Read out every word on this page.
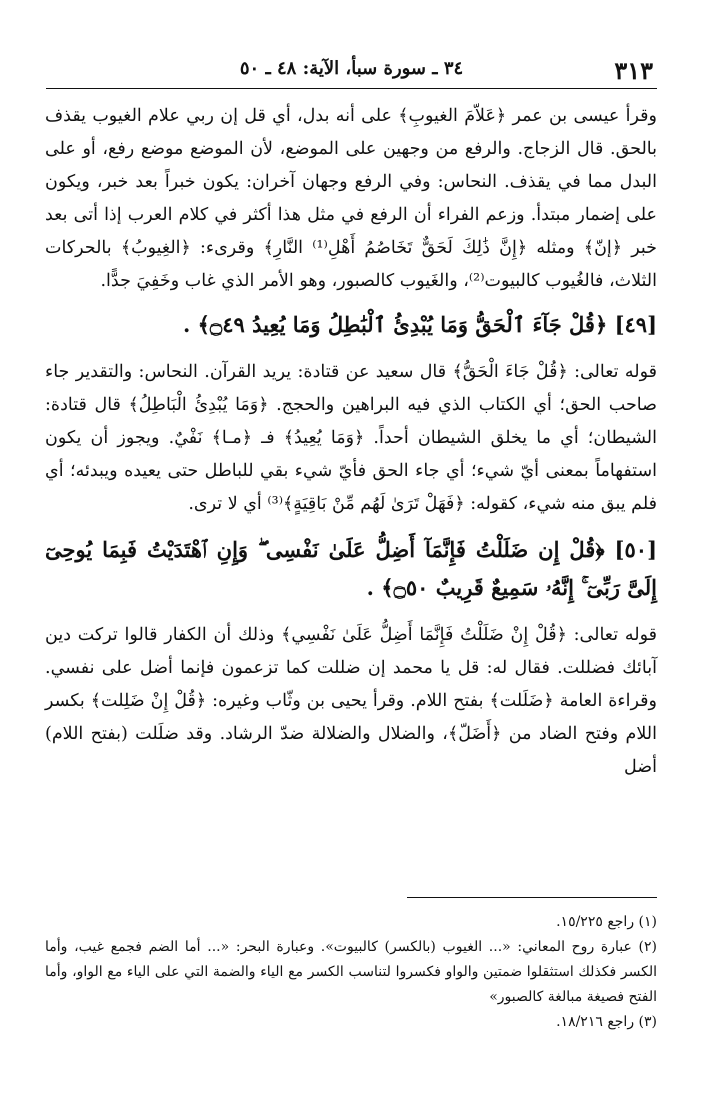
٣١٣
٣٤ ـ سورة سبأ، الآية: ٤٨ ـ ٥٠

وقرأ عيسى بن عمر ﴿عَلاّمَ الغيوبِ﴾ على أنه بدل، أي قل إن ربي علام الغيوب يقذف بالحق. قال الزجاج. والرفع من وجهين على الموضع، لأن الموضع موضع رفع، أو على البدل مما في يقذف. النحاس: وفي الرفع وجهان آخران: يكون خبراً بعد خبر، ويكون على إضمار مبتدأ. وزعم الفراء أن الرفع في مثل هذا أكثر في كلام العرب إذا أتى بعد خبر ﴿إنّ﴾ ومثله ﴿إِنَّ ذَٰلِكَ لَحَقٌّ تَخَاصُمُ أَهْلِ⁽¹⁾ النَّارِ﴾ وقرىء: ﴿الغِيوبُ﴾ بالحركات الثلاث، فالغُيوب كالبيوت⁽²⁾، والغَيوب كالصبور، وهو الأمر الذي غاب وخَفِيَ جدًّا.

[٤٩] ﴿قُلْ جَآءَ ٱلْحَقُّ وَمَا يُبْدِئُ ٱلْبَٰطِلُ وَمَا يُعِيدُ ۝٤٩﴾ .

قوله تعالى: ﴿قُلْ جَاءَ الْحَقُّ﴾ قال سعيد عن قتادة: يريد القرآن. النحاس: والتقدير جاء صاحب الحق؛ أي الكتاب الذي فيه البراهين والحجج. ﴿وَمَا يُبْدِئُ الْبَاطِلُ﴾ قال قتادة: الشيطان؛ أي ما يخلق الشيطان أحداً. ﴿وَمَا يُعِيدُ﴾ فـ ﴿مـا﴾ نَفْيٌ. ويجوز أن يكون استفهاماً بمعنى أيّ شيء؛ أي جاء الحق فأيّ شيء بقي للباطل حتى يعيده ويبدئه؛ أي فلم يبق منه شيء، كقوله: ﴿فَهَلْ تَرَىٰ لَهُم مِّنْ بَاقِيَةٍ﴾⁽³⁾ أي لا ترى.

[٥٠] ﴿قُلْ إِن ضَلَلْتُ فَإِنَّمَآ أَضِلُّ عَلَىٰ نَفْسِى ۖ وَإِنِ ٱهْتَدَيْتُ فَبِمَا يُوحِىٓ إِلَىَّ رَبِّىٓ ۚ إِنَّهُۥ سَمِيعٌ قَرِيبٌ ۝٥٠﴾ .

قوله تعالى: ﴿قُلْ إِنْ ضَلَلْتُ فَإِنَّمَا أَضِلُّ عَلَىٰ نَفْسِي﴾ وذلك أن الكفار قالوا تركت دين آبائك فضللت. فقال له: قل يا محمد إن ضللت كما تزعمون فإنما أضل على نفسي. وقراءة العامة ﴿ضَلَلت﴾ بفتح اللام. وقرأ يحيى بن وثّاب وغيره: ﴿قُلْ إِنْ ضَلِلت﴾ بكسر اللام وفتح الضاد من ﴿أَضَلّ﴾، والضلال والضلالة ضدّ الرشاد. وقد ضلَلت (بفتح اللام) أضل

(١) راجع ١٥/٢٢٥.

(٢) عبارة روح المعاني: «... الغيوب (بالكسر) كالبيوت». وعبارة البحر: «... أما الضم فجمع غيب، وأما الكسر فكذلك استثقلوا ضمتين والواو فكسروا لتناسب الكسر مع الياء والضمة التي على الياء مع الواو، وأما الفتح فصيغة مبالغة كالصبور»

(٣) راجع ١٨/٢١٦.
